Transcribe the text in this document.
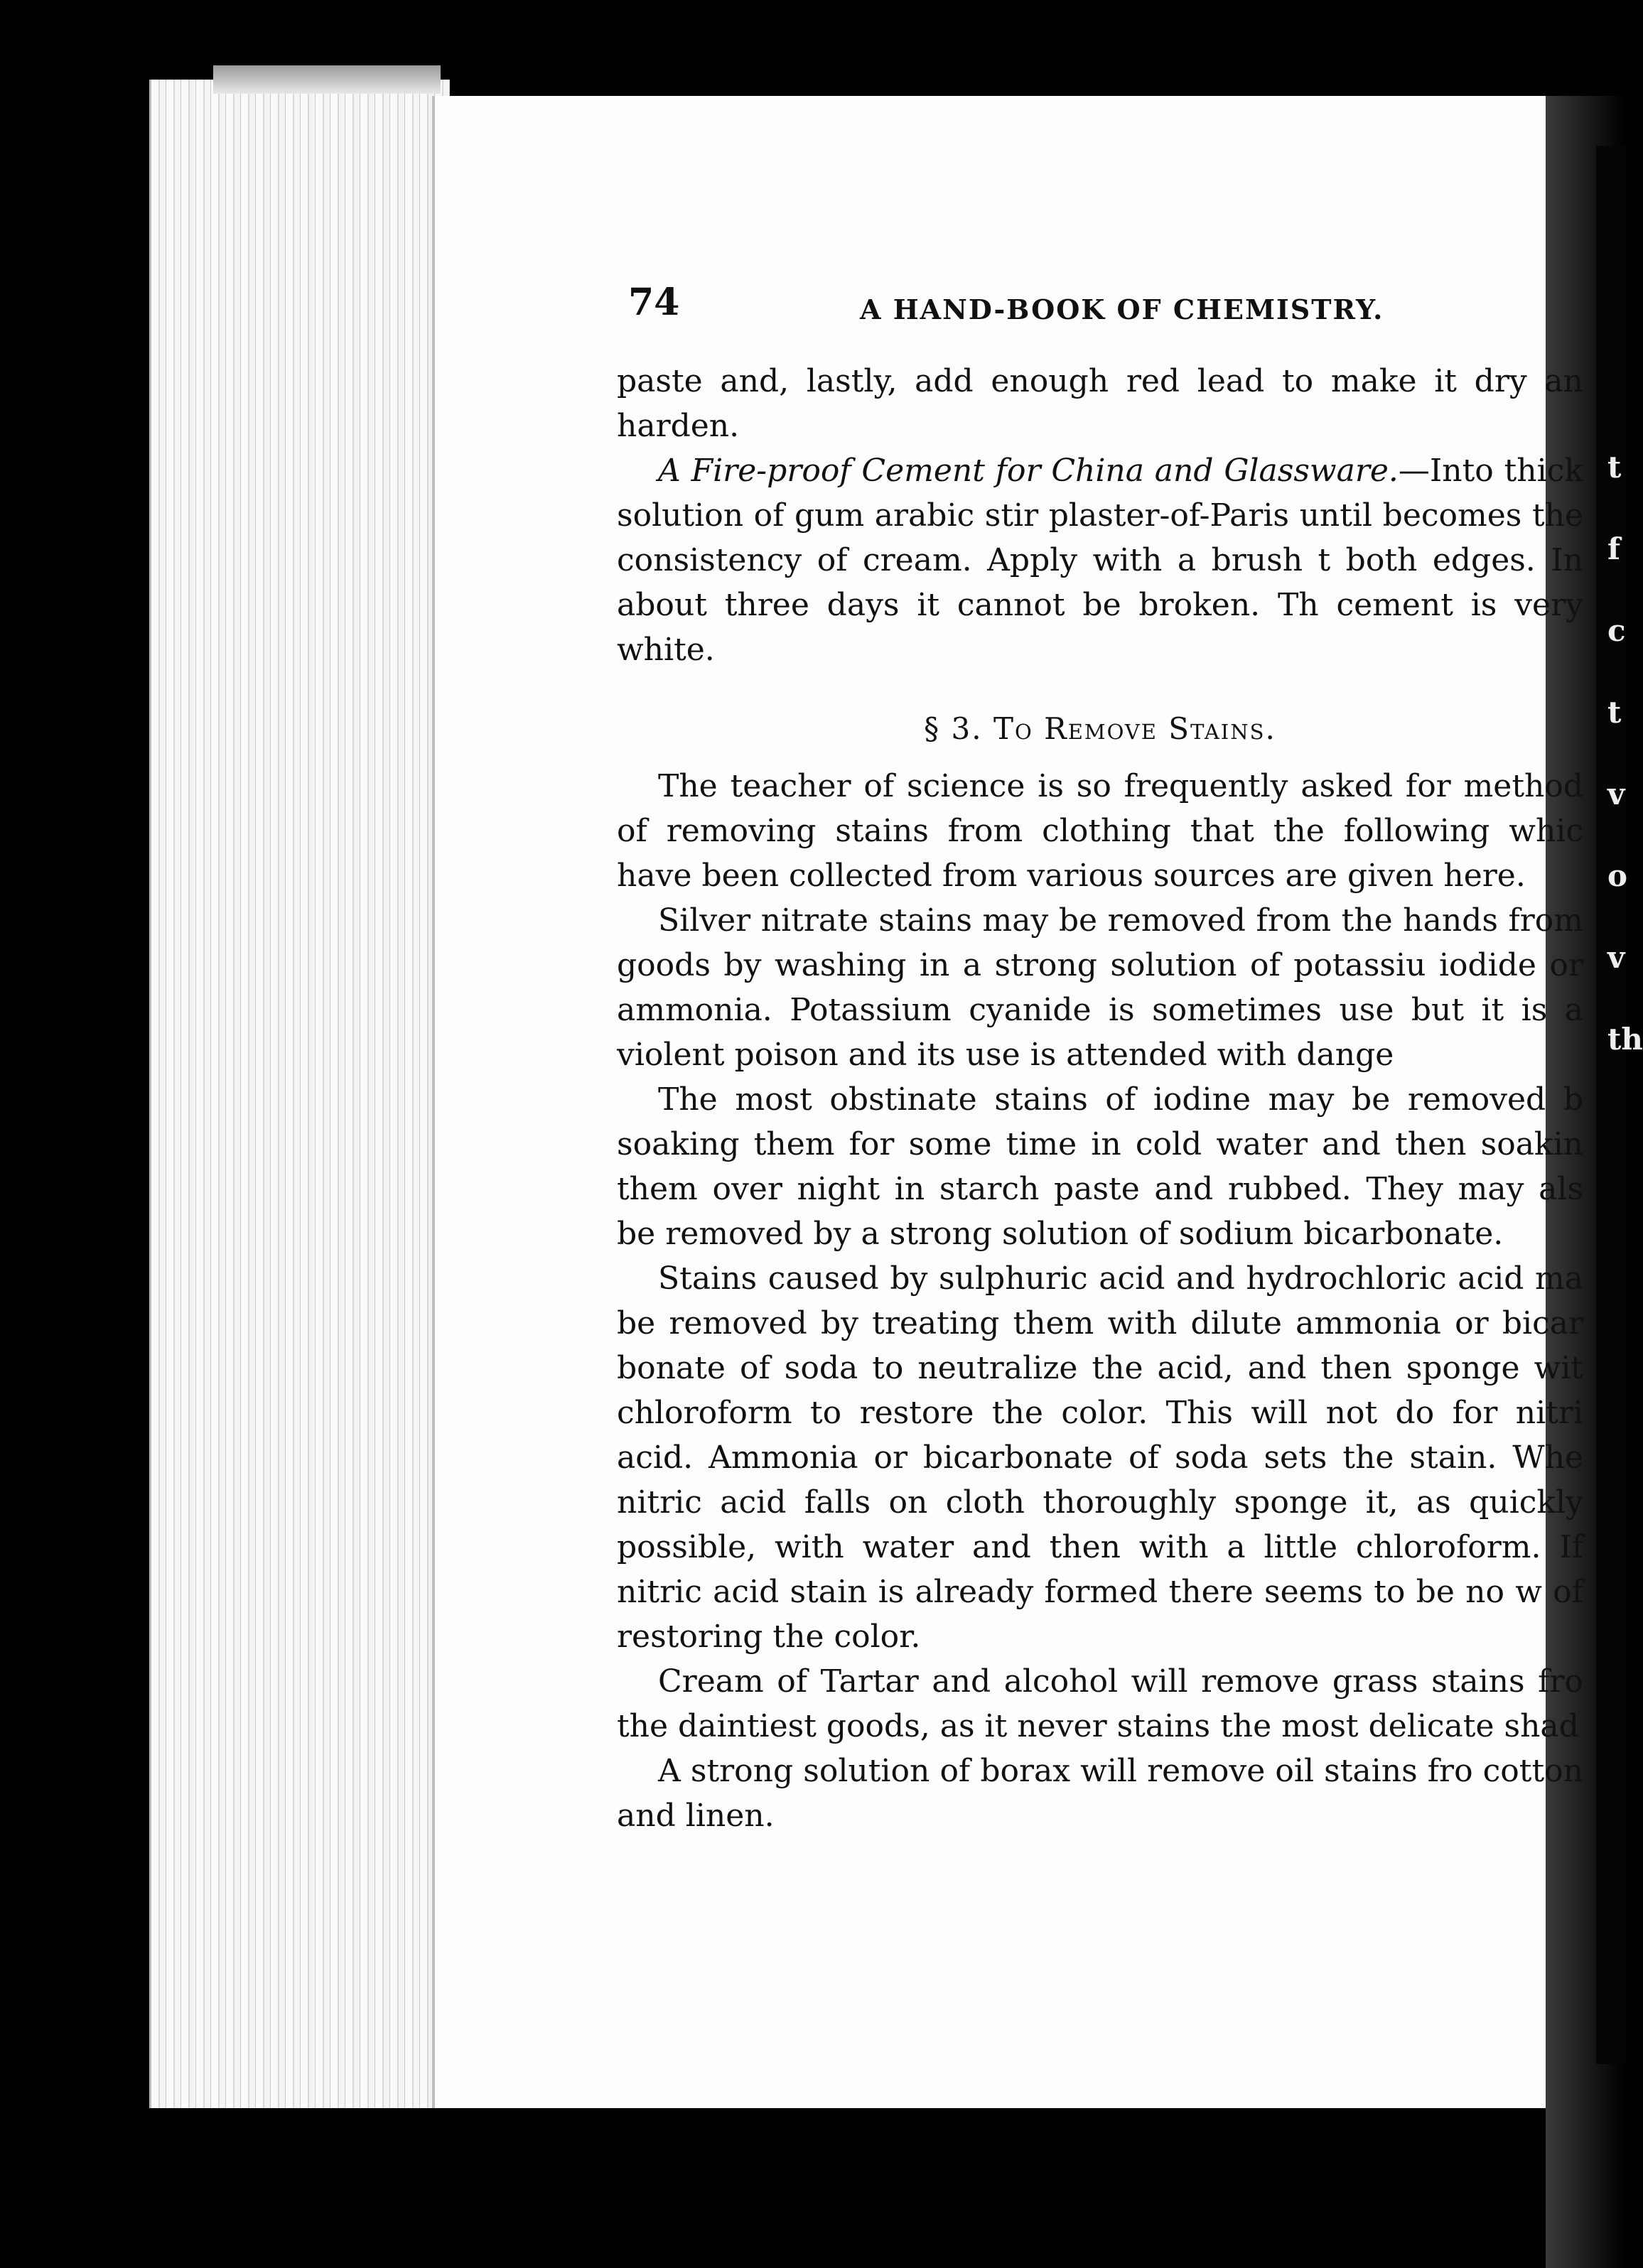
t
f
c
t
v
o
v
th
74	A HAND-BOOK OF CHEMISTRY.

paste and, lastly, add enough red lead to make it dry an harden.

A Fire-proof Cement for China and Glassware.—Into thick solution of gum arabic stir plaster-of-Paris until becomes the consistency of cream. Apply with a brush t both edges. In about three days it cannot be broken. Th cement is very white.

§ 3. To Remove Stains.

The teacher of science is so frequently asked for method of removing stains from clothing that the following whic have been collected from various sources are given here.

Silver nitrate stains may be removed from the hands from goods by washing in a strong solution of potassiu iodide or ammonia. Potassium cyanide is sometimes use but it is a violent poison and its use is attended with dange

The most obstinate stains of iodine may be removed b soaking them for some time in cold water and then soakin them over night in starch paste and rubbed. They may als be removed by a strong solution of sodium bicarbonate.

Stains caused by sulphuric acid and hydrochloric acid ma be removed by treating them with dilute ammonia or bicar bonate of soda to neutralize the acid, and then sponge wit chloroform to restore the color. This will not do for nitri acid. Ammonia or bicarbonate of soda sets the stain. Whe nitric acid falls on cloth thoroughly sponge it, as quickly possible, with water and then with a little chloroform. If nitric acid stain is already formed there seems to be no w of restoring the color.

Cream of Tartar and alcohol will remove grass stains fro the daintiest goods, as it never stains the most delicate shad

A strong solution of borax will remove oil stains fro cotton and linen.
